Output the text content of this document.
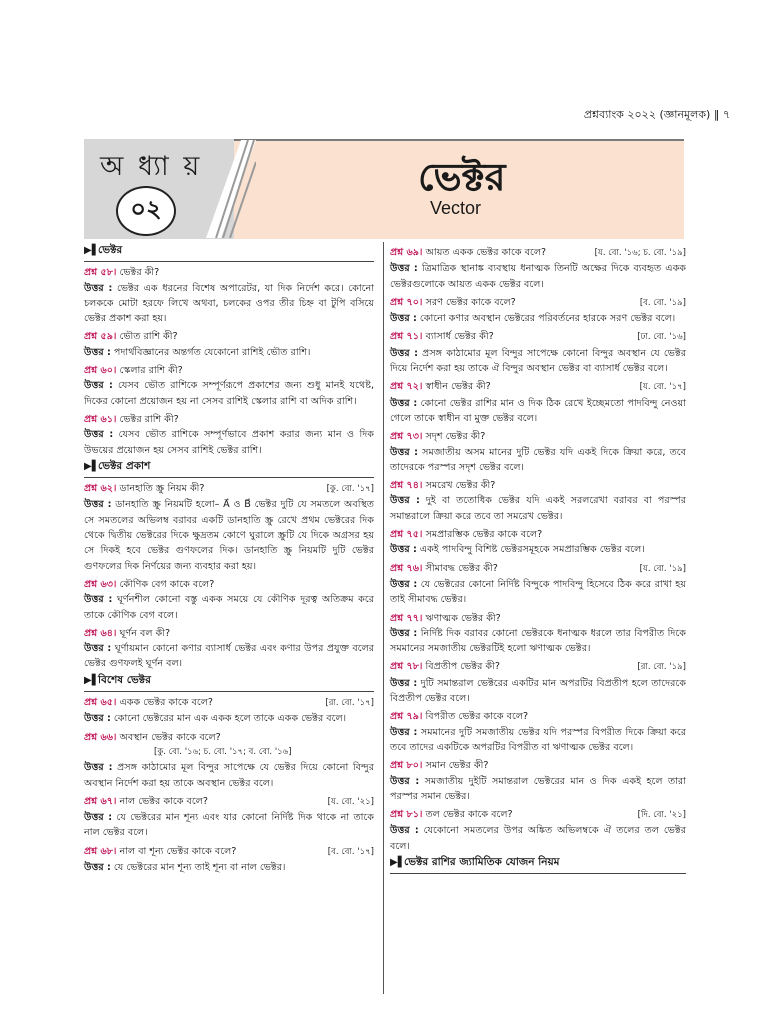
প্রশ্নব্যাংক ২০২২ (জ্ঞানমূলক) ‖ ৭
অ ধ্যা য়
০২
ভেক্টর
Vector
▶▌
ভেক্টর
প্রশ্ন ৫৮। ভেক্টর কী?
উত্তর : ভেক্টর এক ধরনের বিশেষ অপারেটর, যা দিক নির্দেশ করে। কোনো চলককে মোটা হরফে লিখে অথবা, চলকের ওপর তীর চিহ্ন বা টুপি বসিয়ে ভেক্টর প্রকাশ করা হয়।
প্রশ্ন ৫৯। ভৌত রাশি কী?
উত্তর : পদার্থবিজ্ঞানের অন্তর্গত যেকোনো রাশিই ভৌত রাশি।
প্রশ্ন ৬০। স্কেলার রাশি কী?
উত্তর : যেসব ভৌত রাশিকে সম্পূর্ণরূপে প্রকাশের জন্য শুধু মানই যথেষ্ট, দিকের কোনো প্রয়োজন হয় না সেসব রাশিই স্কেলার রাশি বা অদিক রাশি।
প্রশ্ন ৬১। ভেক্টর রাশি কী?
উত্তর : যেসব ভৌত রাশিকে সম্পূর্ণভাবে প্রকাশ করার জন্য মান ও দিক উভয়ের প্রয়োজন হয় সেসব রাশিই ভেক্টর রাশি।
▶▌
ভেক্টর প্রকাশ
প্রশ্ন ৬২। ডানহাতি স্ক্রু নিয়ম কী?	[কু. বো. '১৭]
উত্তর : ডানহাতি স্ক্রু নিয়মটি হলো– A⃗ ও B⃗ ভেক্টর দুটি যে সমতলে অবস্থিত সে সমতলের অভিলম্ব বরাবর একটি ডানহাতি স্ক্রু রেখে প্রথম ভেক্টরের দিক থেকে দ্বিতীয় ভেক্টরের দিকে ক্ষুদ্রতম কোণে ঘুরালে স্ক্রুটি যে দিকে অগ্রসর হয় সে দিকই হবে ভেক্টর গুণফলের দিক। ডানহাতি স্ক্রু নিয়মটি দুটি ভেক্টর গুণফলের দিক নির্ণয়ের জন্য ব্যবহার করা হয়।
প্রশ্ন ৬৩। কৌণিক বেগ কাকে বলে?
উত্তর : ঘূর্ণনশীল কোনো বস্তু একক সময়ে যে কৌণিক দূরত্ব অতিক্রম করে তাকে কৌণিক বেগ বলে।
প্রশ্ন ৬৪। ঘূর্ণন বল কী?
উত্তর : ঘূর্ণায়মান কোনো কণার ব্যাসার্ধ ভেক্টর এবং কণার উপর প্রযুক্ত বলের ভেক্টর গুণফলই ঘূর্ণন বল।
▶▌
বিশেষ ভেক্টর
প্রশ্ন ৬৫। একক ভেক্টর কাকে বলে?	[রা. বো. '১৭]
উত্তর : কোনো ভেক্টরের মান এক একক হলে তাকে একক ভেক্টর বলে।
প্রশ্ন ৬৬। অবস্থান ভেক্টর কাকে বলে?
[কু. বো. '১৬; চ. বো. '১৭; ব. বো. '১৬]
উত্তর : প্রসঙ্গ কাঠামোর মূল বিন্দুর সাপেক্ষে যে ভেক্টর দিয়ে কোনো বিন্দুর অবস্থান নির্দেশ করা হয় তাকে অবস্থান ভেক্টর বলে।
প্রশ্ন ৬৭। নাল ভেক্টর কাকে বলে?	[য. বো. '২১]
উত্তর : যে ভেক্টরের মান শূন্য এবং যার কোনো নির্দিষ্ট দিক থাকে না তাকে নাল ভেক্টর বলে।
প্রশ্ন ৬৮। নাল বা শূন্য ভেক্টর কাকে বলে?	[ব. বো. '১৭]
উত্তর : যে ভেক্টরের মান শূন্য তাই শূন্য বা নাল ভেক্টর।
প্রশ্ন ৬৯। আয়ত একক ভেক্টর কাকে বলে?	[য. বো. '১৬; চ. বো. '১৯]
উত্তর : ত্রিমাত্রিক স্থানাঙ্ক ব্যবস্থায় ধনাত্মক তিনটি অক্ষের দিকে ব্যবহৃত একক ভেক্টরগুলোকে আয়ত একক ভেক্টর বলে।
প্রশ্ন ৭০। সরণ ভেক্টর কাকে বলে?	[ব. বো. '১৯]
উত্তর : কোনো কণার অবস্থান ভেক্টরের পরিবর্তনের হারকে সরণ ভেক্টর বলে।
প্রশ্ন ৭১। ব্যাসার্ধ ভেক্টর কী?	[ঢা. বো. '১৬]
উত্তর : প্রসঙ্গ কাঠামোর মূল বিন্দুর সাপেক্ষে কোনো বিন্দুর অবস্থান যে ভেক্টর দিয়ে নির্দেশ করা হয় তাকে ঐ বিন্দুর অবস্থান ভেক্টর বা ব্যাসার্ধ ভেক্টর বলে।
প্রশ্ন ৭২। স্বাধীন ভেক্টর কী?	[য. বো. '১৭]
উত্তর : কোনো ভেক্টর রাশির মান ও দিক ঠিক রেখে ইচ্ছেমতো পাদবিন্দু নেওয়া গেলে তাকে স্বাধীন বা মুক্ত ভেক্টর বলে।
প্রশ্ন ৭৩। সদৃশ ভেক্টর কী?
উত্তর : সমজাতীয় অসম মানের দুটি ভেক্টর যদি একই দিকে ক্রিয়া করে, তবে তাদেরকে পরস্পর সদৃশ ভেক্টর বলে।
প্রশ্ন ৭৪। সমরেখ ভেক্টর কী?
উত্তর : দুই বা ততোধিক ভেক্টর যদি একই সরলরেখা বরাবর বা পরস্পর সমান্তরালে ক্রিয়া করে তবে তা সমরেখ ভেক্টর।
প্রশ্ন ৭৫। সমপ্রারম্ভিক ভেক্টর কাকে বলে?
উত্তর : একই পাদবিন্দু বিশিষ্ট ভেক্টরসমূহকে সমপ্রারম্ভিক ভেক্টর বলে।
প্রশ্ন ৭৬। সীমাবদ্ধ ভেক্টর কী?	[য. বো. '১৯]
উত্তর : যে ভেক্টরের কোনো নির্দিষ্ট বিন্দুকে পাদবিন্দু হিসেবে ঠিক করে রাখা হয় তাই সীমাবদ্ধ ভেক্টর।
প্রশ্ন ৭৭। ঋণাত্মক ভেক্টর কী?
উত্তর : নির্দিষ্ট দিক বরাবর কোনো ভেক্টরকে ধনাত্মক ধরলে তার বিপরীত দিকে সমমানের সমজাতীয় ভেক্টরটিই হলো ঋণাত্মক ভেক্টর।
প্রশ্ন ৭৮। বিপ্রতীপ ভেক্টর কী?	[রা. বো. '১৯]
উত্তর : দুটি সমান্তরাল ভেক্টরের একটির মান অপরটির বিপ্রতীপ হলে তাদেরকে বিপ্রতীপ ভেক্টর বলে।
প্রশ্ন ৭৯। বিপরীত ভেক্টর কাকে বলে?
উত্তর : সমমানের দুটি সমজাতীয় ভেক্টর যদি পরস্পর বিপরীত দিকে ক্রিয়া করে তবে তাদের একটিকে অপরটির বিপরীত বা ঋণাত্মক ভেক্টর বলে।
প্রশ্ন ৮০। সমান ভেক্টর কী?
উত্তর : সমজাতীয় দুইটি সমান্তরাল ভেক্টরের মান ও দিক একই হলে তারা পরস্পর সমান ভেক্টর।
প্রশ্ন ৮১। তল ভেক্টর কাকে বলে?	[দি. বো. '২১]
উত্তর : যেকোনো সমতলের উপর অঙ্কিত অভিলম্বকে ঐ তলের তল ভেক্টর বলে।
▶▌
ভেক্টর রাশির জ্যামিতিক যোজন নিয়ম
